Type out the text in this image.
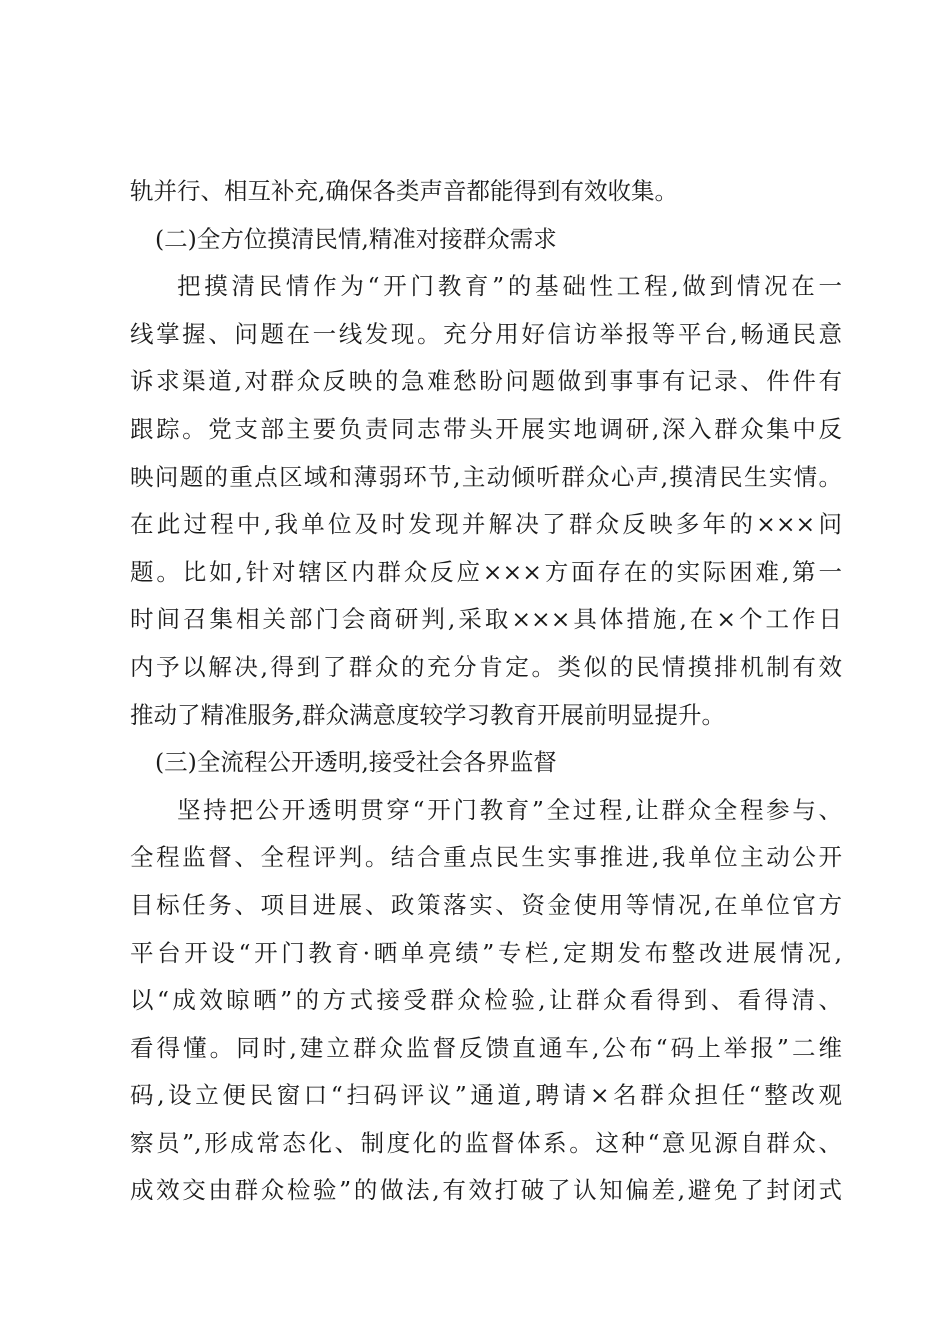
轨并行、相互补充,确保各类声音都能得到有效收集。
(二)全方位摸清民情,精准对接群众需求
把摸清民情作为“开门教育”的基础性工程,做到情况在一
线掌握、问题在一线发现。充分用好信访举报等平台,畅通民意
诉求渠道,对群众反映的急难愁盼问题做到事事有记录、件件有
跟踪。党支部主要负责同志带头开展实地调研,深入群众集中反
映问题的重点区域和薄弱环节,主动倾听群众心声,摸清民生实情。
在此过程中,我单位及时发现并解决了群众反映多年的×××问
题。比如,针对辖区内群众反应×××方面存在的实际困难,第一
时间召集相关部门会商研判,采取×××具体措施,在×个工作日
内予以解决,得到了群众的充分肯定。类似的民情摸排机制有效
推动了精准服务,群众满意度较学习教育开展前明显提升。
(三)全流程公开透明,接受社会各界监督
坚持把公开透明贯穿“开门教育”全过程,让群众全程参与、
全程监督、全程评判。结合重点民生实事推进,我单位主动公开
目标任务、项目进展、政策落实、资金使用等情况,在单位官方
平台开设“开门教育·晒单亮绩”专栏,定期发布整改进展情况,
以“成效晾晒”的方式接受群众检验,让群众看得到、看得清、
看得懂。同时,建立群众监督反馈直通车,公布“码上举报”二维
码,设立便民窗口“扫码评议”通道,聘请×名群众担任“整改观
察员”,形成常态化、制度化的监督体系。这种“意见源自群众、
成效交由群众检验”的做法,有效打破了认知偏差,避免了封闭式
